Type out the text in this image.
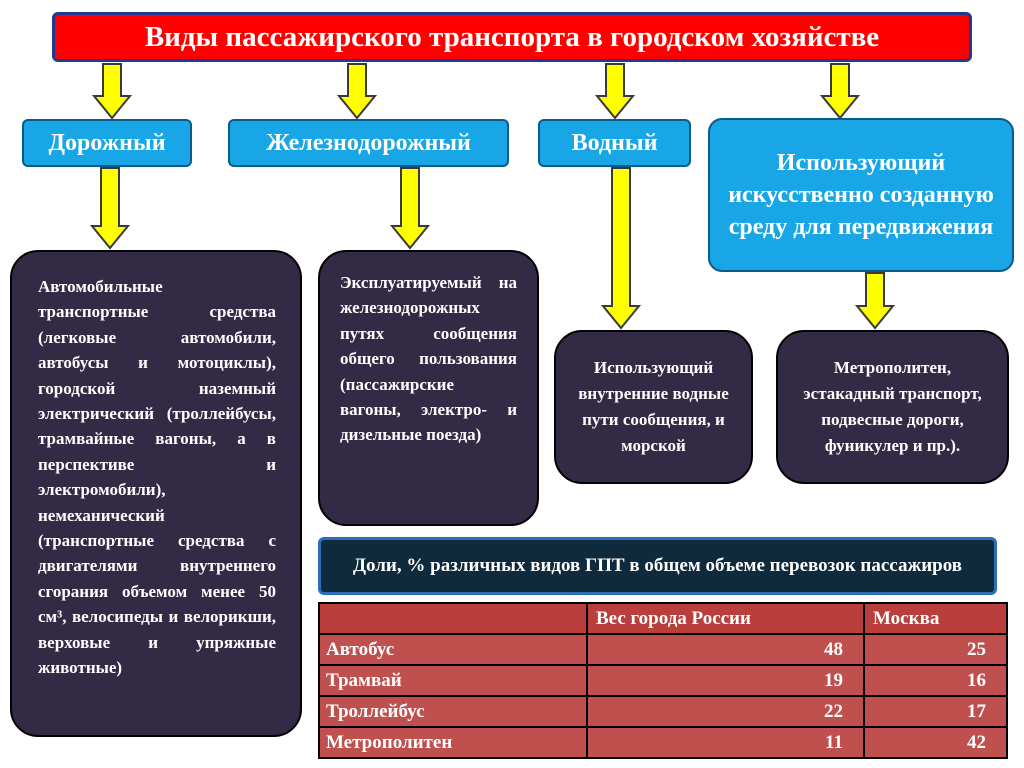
Виды пассажирского транспорта в городском хозяйстве
Дорожный	Железнодорожный	Водный
Использующий искусственно созданную среду для передвижения
Автомобильные транспортные средства (легковые автомобили, автобусы и мотоциклы), городской наземный электрический (троллейбусы, трамвайные вагоны, а в перспективе и электромобили), немеханический (транспортные средства с двигателями внутреннего сгорания объемом менее 50 см³, велосипеды и велорикши, верховые и упряжные животные)
Эксплуатируемый на железнодорожных путях сообщения общего пользования (пассажирские вагоны, электро- и дизельные поезда)
Использующий внутренние водные пути сообщения, и морской
Метрополитен, эстакадный транспорт, подвесные дороги, фуникулер и пр.).
Доли, % различных видов ГПТ в общем объеме перевозок пассажиров
	Вес города России	Москва
Автобус	48	25
Трамвай	19	16
Троллейбус	22	17
Метрополитен	11	42
